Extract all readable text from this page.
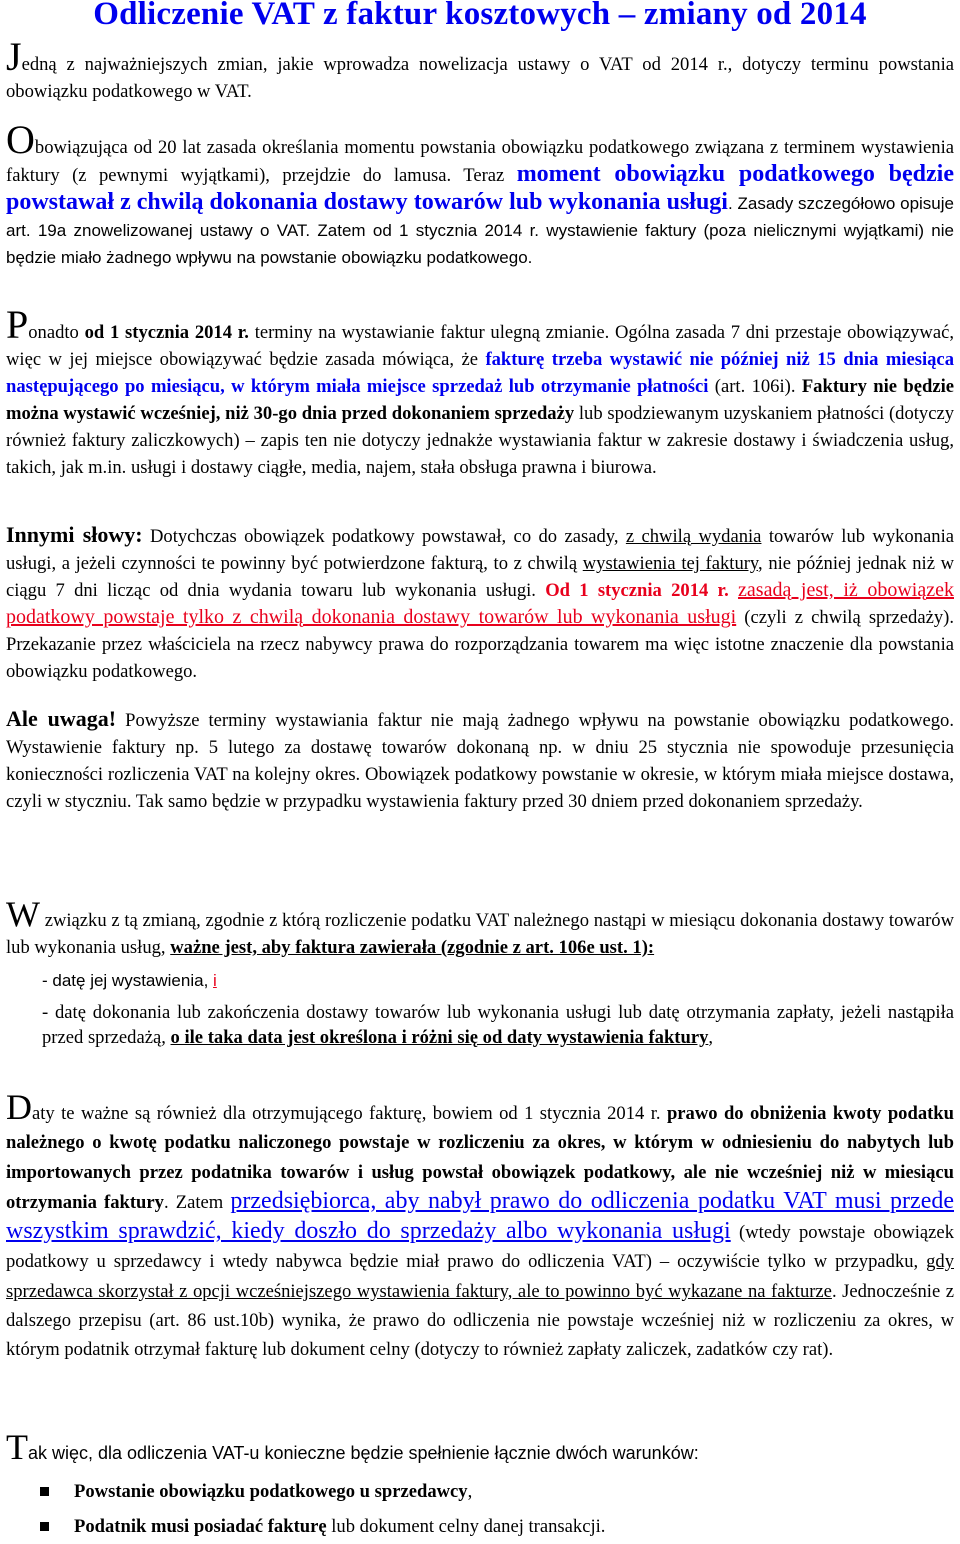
Odliczenie VAT z faktur kosztowych – zmiany od 2014

Jedną z najważniejszych zmian, jakie wprowadza nowelizacja ustawy o VAT od 2014 r., dotyczy terminu powstania obowiązku podatkowego w VAT.

Obowiązująca od 20 lat zasada określania momentu powstania obowiązku podatkowego związana z terminem wystawienia faktury (z pewnymi wyjątkami), przejdzie do lamusa. Teraz moment obowiązku podatkowego będzie powstawał z chwilą dokonania dostawy towarów lub wykonania usługi. Zasady szczegółowo opisuje art. 19a znowelizowanej ustawy o VAT. Zatem od 1 stycznia 2014 r. wystawienie faktury (poza nielicznymi wyjątkami) nie będzie miało żadnego wpływu na powstanie obowiązku podatkowego.

Ponadto od 1 stycznia 2014 r. terminy na wystawianie faktur ulegną zmianie. Ogólna zasada 7 dni przestaje obowiązywać, więc w jej miejsce obowiązywać będzie zasada mówiąca, że fakturę trzeba wystawić nie później niż 15 dnia miesiąca następującego po miesiącu, w którym miała miejsce sprzedaż lub otrzymanie płatności (art. 106i). Faktury nie będzie można wystawić wcześniej, niż 30-go dnia przed dokonaniem sprzedaży lub spodziewanym uzyskaniem płatności (dotyczy również faktury zaliczkowych) – zapis ten nie dotyczy jednakże wystawiania faktur w zakresie dostawy i świadczenia usług, takich, jak m.in. usługi i dostawy ciągłe, media, najem, stała obsługa prawna i biurowa.

Innymi słowy: Dotychczas obowiązek podatkowy powstawał, co do zasady, z chwilą wydania towarów lub wykonania usługi, a jeżeli czynności te powinny być potwierdzone fakturą, to z chwilą wystawienia tej faktury, nie później jednak niż w ciągu 7 dni licząc od dnia wydania towaru lub wykonania usługi. Od 1 stycznia 2014 r. zasadą jest, iż obowiązek podatkowy powstaje tylko z chwilą dokonania dostawy towarów lub wykonania usługi (czyli z chwilą sprzedaży). Przekazanie przez właściciela na rzecz nabywcy prawa do rozporządzania towarem ma więc istotne znaczenie dla powstania obowiązku podatkowego.

Ale uwaga! Powyższe terminy wystawiania faktur nie mają żadnego wpływu na powstanie obowiązku podatkowego. Wystawienie faktury np. 5 lutego za dostawę towarów dokonaną np. w dniu 25 stycznia nie spowoduje przesunięcia konieczności rozliczenia VAT na kolejny okres. Obowiązek podatkowy powstanie w okresie, w którym miała miejsce dostawa, czyli w styczniu. Tak samo będzie w przypadku wystawienia faktury przed 30 dniem przed dokonaniem sprzedaży.

W związku z tą zmianą, zgodnie z którą rozliczenie podatku VAT należnego nastąpi w miesiącu dokonania dostawy towarów lub wykonania usług, ważne jest, aby faktura zawierała (zgodnie z art. 106e ust. 1):

- datę jej wystawienia, i
- datę dokonania lub zakończenia dostawy towarów lub wykonania usługi lub datę otrzymania zapłaty, jeżeli nastąpiła przed sprzedażą, o ile taka data jest określona i różni się od daty wystawienia faktury,

Daty te ważne są również dla otrzymującego fakturę, bowiem od 1 stycznia 2014 r. prawo do obniżenia kwoty podatku należnego o kwotę podatku naliczonego powstaje w rozliczeniu za okres, w którym w odniesieniu do nabytych lub importowanych przez podatnika towarów i usług powstał obowiązek podatkowy, ale nie wcześniej niż w miesiącu otrzymania faktury. Zatem przedsiębiorca, aby nabył prawo do odliczenia podatku VAT musi przede wszystkim sprawdzić, kiedy doszło do sprzedaży albo wykonania usługi (wtedy powstaje obowiązek podatkowy u sprzedawcy i wtedy nabywca będzie miał prawo do odliczenia VAT) – oczywiście tylko w przypadku, gdy sprzedawca skorzystał z opcji wcześniejszego wystawienia faktury, ale to powinno być wykazane na fakturze. Jednocześnie z dalszego przepisu (art. 86 ust.10b) wynika, że prawo do odliczenia nie powstaje wcześniej niż w rozliczeniu za okres, w którym podatnik otrzymał fakturę lub dokument celny (dotyczy to również zapłaty zaliczek, zadatków czy rat).

Tak więc, dla odliczenia VAT-u konieczne będzie spełnienie łącznie dwóch warunków:

Powstanie obowiązku podatkowego u sprzedawcy,
Podatnik musi posiadać fakturę lub dokument celny danej transakcji.
